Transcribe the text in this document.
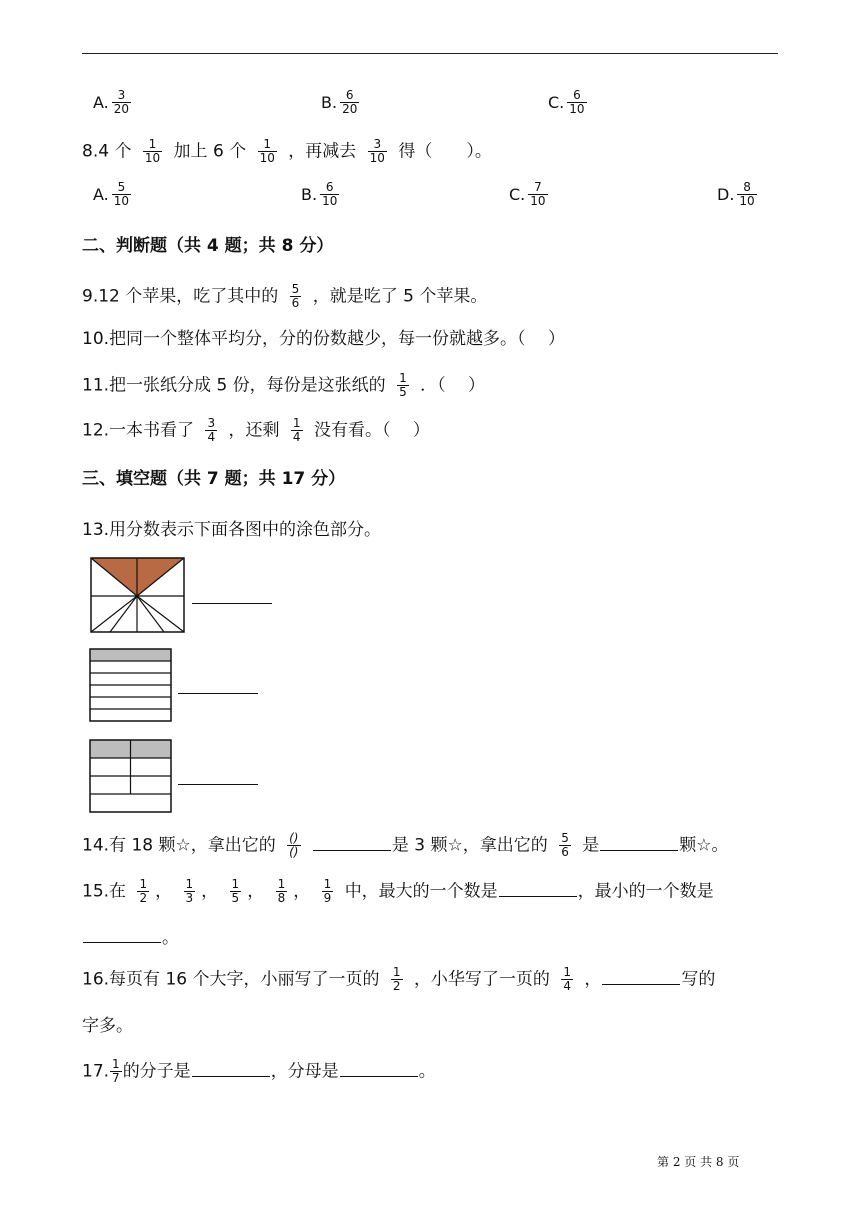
A. $\frac{3}{20}$	B. $\frac{6}{20}$	C. $\frac{6}{10}$
8.4 个 $\frac{1}{10}$ 加上 6 个 $\frac{1}{10}$ ，再减去 $\frac{3}{10}$ 得（　　）。
A. $\frac{5}{10}$	B. $\frac{6}{10}$	C. $\frac{7}{10}$	D. $\frac{8}{10}$
二、判断题（共 4 题；共 8 分）
9.12 个苹果，吃了其中的 $\frac{5}{6}$ ，就是吃了 5 个苹果。
10.把同一个整体平均分，分的份数越少，每一份就越多。（　 ）
11.把一张纸分成 5 份，每份是这张纸的 $\frac{1}{5}$ ．（　 ）
12.一本书看了 $\frac{3}{4}$ ，还剩 $\frac{1}{4}$ 没有看。（　 ）
三、填空题（共 7 题；共 17 分）
13.用分数表示下面各图中的涂色部分。
14.有 18 颗☆，拿出它的 $\frac{()}{()}$	是 3 颗☆，拿出它的 $\frac{5}{6}$ 是	颗☆。
15.在 $\frac{1}{2}$ ， $\frac{1}{3}$ ， $\frac{1}{5}$ ， $\frac{1}{8}$ ， $\frac{1}{9}$ 中，最大的一个数是	，最小的一个数是
。
16.每页有 16 个大字，小丽写了一页的 $\frac{1}{2}$ ，小华写了一页的 $\frac{1}{4}$ ，	写的
字多。
17. $\frac{1}{7}$ 的分子是	，分母是	。
第 2 页 共 8 页
